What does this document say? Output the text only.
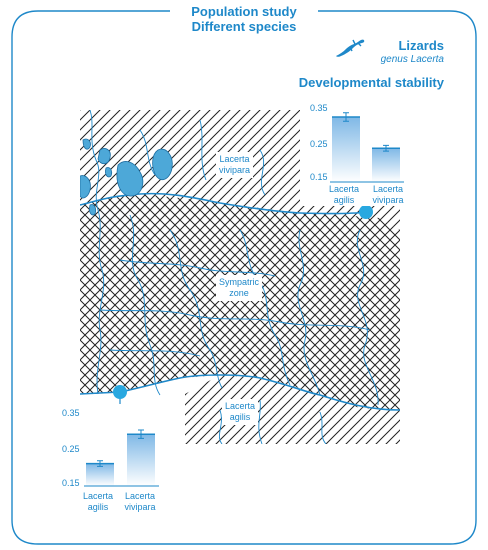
Population study
Different species
Lizards
genus Lacerta
Developmental stability
Lacerta
vivipara
Sympatric
zone
Lacerta
agilis
0.35
0.25
0.15
Lacerta
agilis
Lacerta
vivipara
0.35
0.25
0.15
Lacerta
agilis
Lacerta
vivipara
